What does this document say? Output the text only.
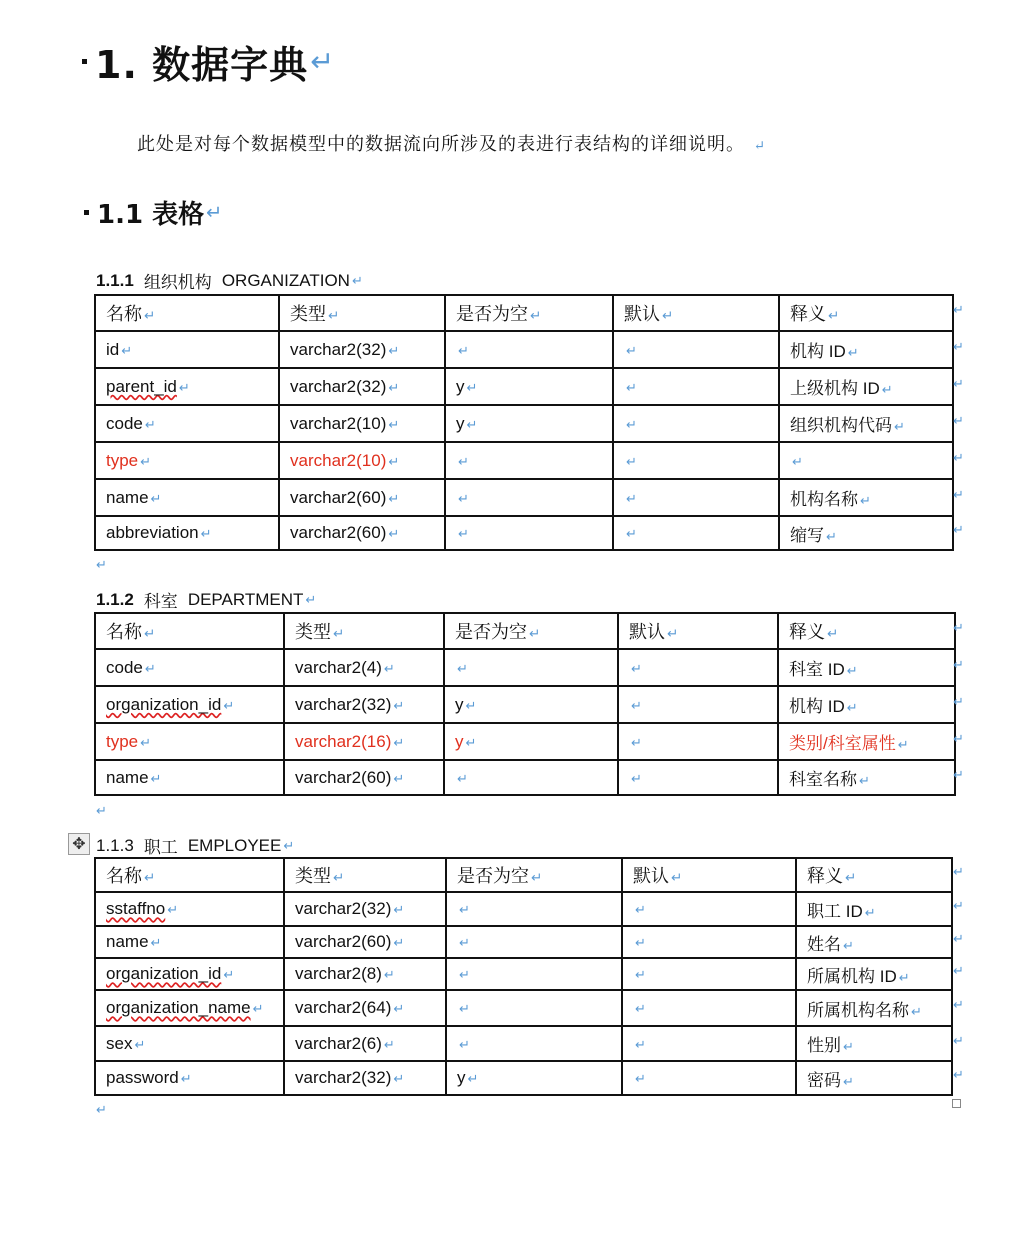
1. 数据字典 ↵
此处是对每个数据模型中的数据流向所涉及的表进行表结构的详细说明。 ↵
1.1 表格 ↵
1.1.1 组织机构 ORGANIZATION ↵
名称 ↵	类型 ↵	是否为空 ↵	默认 ↵	释义 ↵
id ↵	varchar2(32) ↵	↵	↵	机构 ID ↵
parent_id ↵	varchar2(32) ↵	y ↵	↵	上级机构 ID ↵
code ↵	varchar2(10) ↵	y ↵	↵	组织机构代码 ↵
type ↵	varchar2(10) ↵	↵	↵	↵
name ↵	varchar2(60) ↵	↵	↵	机构名称 ↵
abbreviation ↵	varchar2(60) ↵	↵	↵	缩写 ↵
↵
1.1.2 科室 DEPARTMENT ↵
名称 ↵	类型 ↵	是否为空 ↵	默认 ↵	释义 ↵
code ↵	varchar2(4) ↵	↵	↵	科室 ID ↵
organization_id ↵	varchar2(32) ↵	y ↵	↵	机构 ID ↵
type ↵	varchar2(16) ↵	y ↵	↵	类别/科室属性 ↵
name ↵	varchar2(60) ↵	↵	↵	科室名称 ↵
↵
✥ 1.1.3 职工 EMPLOYEE ↵
名称 ↵	类型 ↵	是否为空 ↵	默认 ↵	释义 ↵
sstaffno ↵	varchar2(32) ↵	↵	↵	职工 ID ↵
name ↵	varchar2(60) ↵	↵	↵	姓名 ↵
organization_id ↵	varchar2(8) ↵	↵	↵	所属机构 ID ↵
organization_name ↵	varchar2(64) ↵	↵	↵	所属机构名称 ↵
sex ↵	varchar2(6) ↵	↵	↵	性别 ↵
password ↵	varchar2(32) ↵	y ↵	↵	密码 ↵
↵
↵
↵
↵
↵
↵
↵
↵
↵
↵
↵
↵
↵
↵
↵
↵
↵
↵
↵
↵
